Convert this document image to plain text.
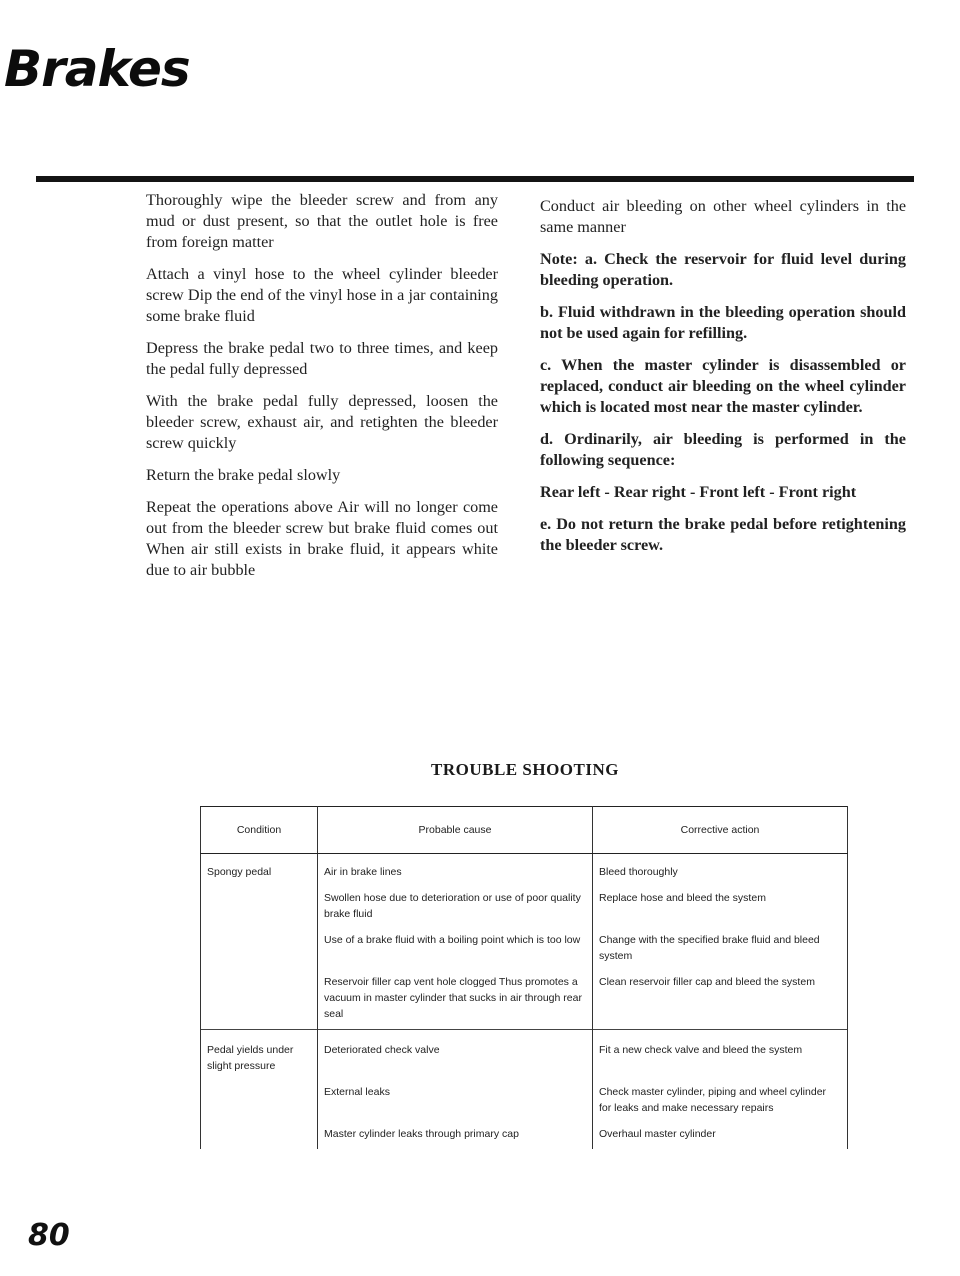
Brakes

Thoroughly wipe the bleeder screw and from any mud or dust present, so that the outlet hole is free from foreign matter

Attach a vinyl hose to the wheel cylinder bleeder screw Dip the end of the vinyl hose in a jar containing some brake fluid

Depress the brake pedal two to three times, and keep the pedal fully depressed

With the brake pedal fully depressed, loosen the bleeder screw, exhaust air, and retighten the bleeder screw quickly

Return the brake pedal slowly

Repeat the operations above Air will no longer come out from the bleeder screw but brake fluid comes out When air still exists in brake fluid, it appears white due to air bubble

Conduct air bleeding on other wheel cylinders in the same manner

Note: a. Check the reservoir for fluid level during bleeding operation.

b. Fluid withdrawn in the bleeding operation should not be used again for refilling.

c. When the master cylinder is disassembled or replaced, conduct air bleeding on the wheel cylinder which is located most near the master cylinder.

d. Ordinarily, air bleeding is performed in the following sequence:

Rear left - Rear right - Front left - Front right

e. Do not return the brake pedal before retightening the bleeder screw.

TROUBLE SHOOTING
Condition	Probable cause	Corrective action
Spongy pedal	Air in brake lines	Bleed thoroughly
	Swollen hose due to deterioration or use of poor quality brake fluid	Replace hose and bleed the system
	Use of a brake fluid with a boiling point which is too low	Change with the specified brake fluid and bleed system
	Reservoir filler cap vent hole clogged Thus promotes a vacuum in master cylinder that sucks in air through rear seal	Clean reservoir filler cap and bleed the system
Pedal yields under slight pressure	Deteriorated check valve	Fit a new check valve and bleed the system
	External leaks	Check master cylinder, piping and wheel cylinder for leaks and make necessary repairs
	Master cylinder leaks through primary cap	Overhaul master cylinder
80
